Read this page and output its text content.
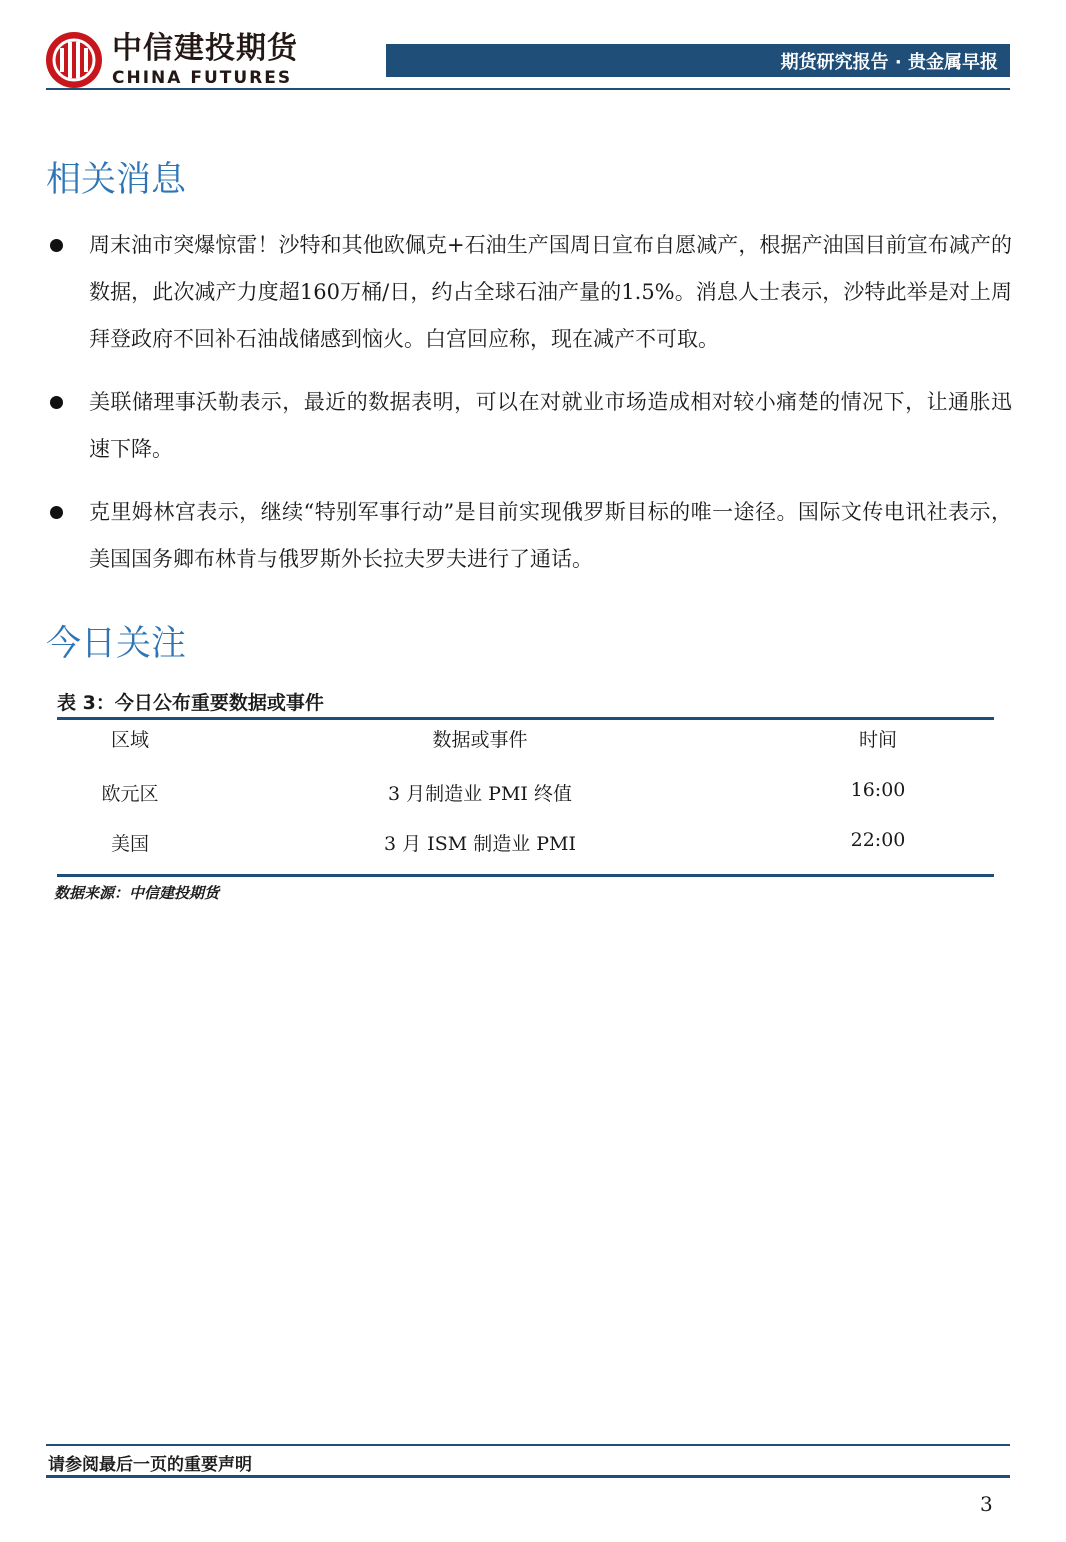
中信建投期货
CHINA FUTURES
期货研究报告 · 贵金属早报
相关消息
周末油市突爆惊雷！沙特和其他欧佩克+石油生产国周日宣布自愿减产，根据产油国目前宣布减产的数据，此次减产力度超160万桶/日，约占全球石油产量的1.5%。消息人士表示，沙特此举是对上周拜登政府不回补石油战储感到恼火。白宫回应称，现在减产不可取。
美联储理事沃勒表示，最近的数据表明，可以在对就业市场造成相对较小痛楚的情况下，让通胀迅速下降。
克里姆林宫表示，继续“特别军事行动”是目前实现俄罗斯目标的唯一途径。国际文传电讯社表示，美国国务卿布林肯与俄罗斯外长拉夫罗夫进行了通话。
今日关注
表 3：今日公布重要数据或事件
区域	数据或事件	时间
欧元区	3 月制造业 PMI 终值	16:00
美国	3 月 ISM 制造业 PMI	22:00
数据来源：中信建投期货
请参阅最后一页的重要声明
3
